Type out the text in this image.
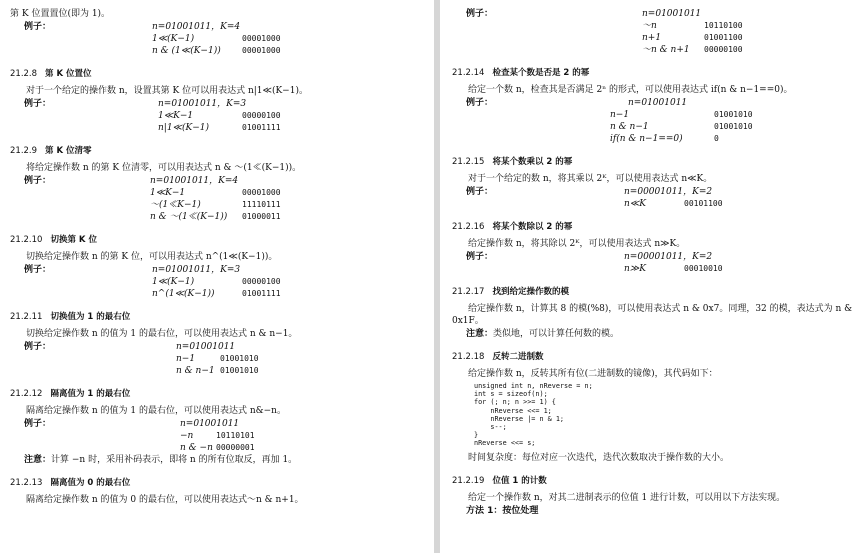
第 K 位置置位(即为 1)。
例子：	n=01001011，K=4
1≪(K−1)	00001000
n & (1≪(K−1))	00001000
21.2.8 第 K 位置位
对于一个给定的操作数 n，设置其第 K 位可以用表达式 n|1≪(K−1)。
例子：	n=01001011，K=3
1≪K−1	00000100
n|1≪(K−1)	01001111
21.2.9 第 K 位清零
将给定操作数 n 的第 K 位清零，可以用表达式 n & ～(1≪(K−1))。
例子：	n=01001011，K=4
1≪K−1	00001000
～(1≪K−1)	11110111
n & ～(1≪(K−1)) 01000011
21.2.10 切换第 K 位
切换给定操作数 n 的第 K 位，可以用表达式 n^(1≪(K−1))。
例子：	n=01001011，K=3
1≪(K−1)	00000100
n^(1≪(K−1))	01001111
21.2.11 切换值为 1 的最右位
切换给定操作数 n 的值为 1 的最右位，可以使用表达式 n & n−1。
例子：	n=01001011
n−1	01001010
n & n−1 01001010
21.2.12 隔离值为 1 的最右位
隔离给定操作数 n 的值为 1 的最右位，可以使用表达式 n&−n。
例子：	n=01001011
−n	10110101
n & −n 00000001
注意：计算 −n 时，采用补码表示，即将 n 的所有位取反，再加 1。
21.2.13 隔离值为 0 的最右位
隔离给定操作数 n 的值为 0 的最右位，可以使用表达式～n & n+1。
例子：	n=01001011
～n	10110100
n+1	01001100
～n & n+1 00000100
21.2.14 检查某个数是否是 2 的幂
给定一个数 n，检查其是否满足 2ⁿ 的形式，可以使用表达式 if(n & n−1==0)。
例子：	n=01001011
n−1	01001010
n & n−1	01001010
if(n & n−1==0)	0
21.2.15 将某个数乘以 2 的幂
对于一个给定的数 n，将其乘以 2ᴷ，可以使用表达式 n≪K。
例子：	n=00001011，K=2
n≪K	00101100
21.2.16 将某个数除以 2 的幂
给定操作数 n，将其除以 2ᴷ，可以使用表达式 n≫K。
例子：	n=00001011，K=2
n≫K	00010010
21.2.17 找到给定操作数的模
给定操作数 n，计算其 8 的模(%8)，可以使用表达式 n & 0x7。同理，32 的模，表达式为 n & 0x1F。
注意：类似地，可以计算任何数的模。
21.2.18 反转二进制数
给定操作数 n，反转其所有位(二进制数的镜像)，其代码如下：
unsigned int n, nReverse = n;
int s = sizeof(n);
for (; n; n >>= 1) {
nReverse <<= 1;
nReverse |= n & 1;
s--;
}
nReverse <<= s;
时间复杂度：每位对应一次迭代，迭代次数取决于操作数的大小。
21.2.19 位值 1 的计数
给定一个操作数 n，对其二进制表示的位值 1 进行计数，可以用以下方法实现。
方法 1：按位处理
